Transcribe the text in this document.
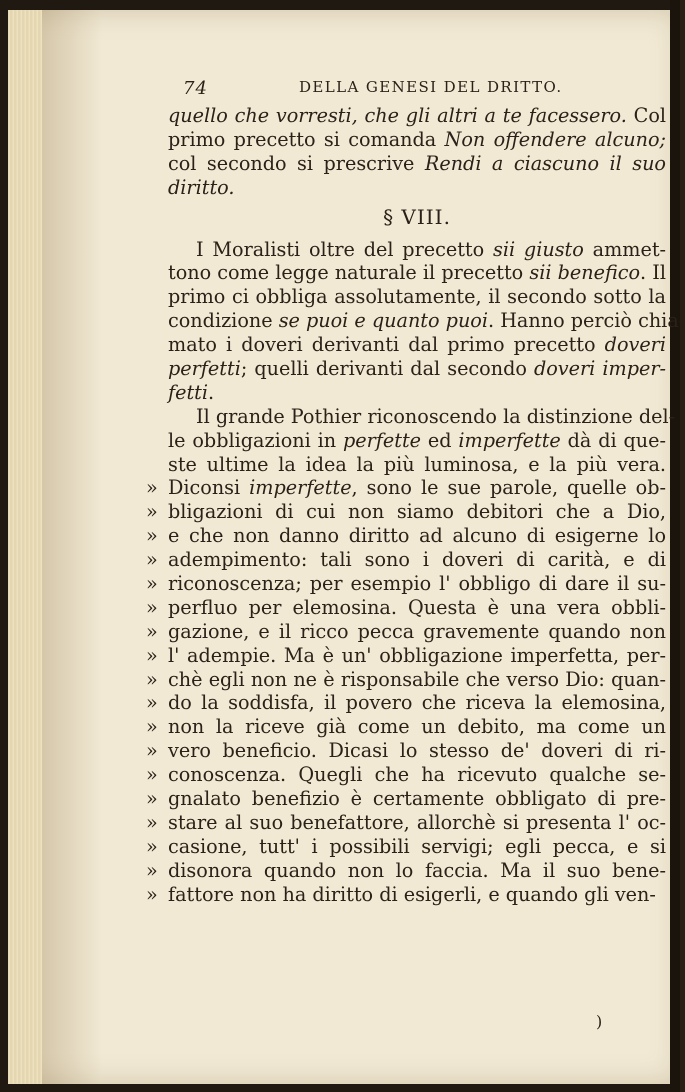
74	DELLA GENESI DEL DRITTO.
quello che vorresti, che gli altri a te facessero. Col
primo precetto si comanda Non offendere alcuno;
col secondo si prescrive Rendi a ciascuno il suo
diritto.
§ VIII.
I Moralisti oltre del precetto sii giusto ammet-
tono come legge naturale il precetto sii benefico. Il
primo ci obbliga assolutamente, il secondo sotto la
condizione se puoi e quanto puoi. Hanno perciò chia-
mato i doveri derivanti dal primo precetto doveri
perfetti; quelli derivanti dal secondo doveri imper-
fetti.
Il grande Pothier riconoscendo la distinzione del-
le obbligazioni in perfette ed imperfette dà di que-
ste ultime la idea la più luminosa, e la più vera.
» Diconsi imperfette, sono le sue parole, quelle ob-
» bligazioni di cui non siamo debitori che a Dio,
» e che non danno diritto ad alcuno di esigerne lo
» adempimento: tali sono i doveri di carità, e di
» riconoscenza; per esempio l' obbligo di dare il su-
» perfluo per elemosina. Questa è una vera obbli-
» gazione, e il ricco pecca gravemente quando non
» l' adempie. Ma è un' obbligazione imperfetta, per-
» chè egli non ne è risponsabile che verso Dio: quan-
» do la soddisfa, il povero che riceva la elemosina,
» non la riceve già come un debito, ma come un
» vero beneficio. Dicasi lo stesso de' doveri di ri-
» conoscenza. Quegli che ha ricevuto qualche se-
» gnalato benefizio è certamente obbligato di pre-
» stare al suo benefattore, allorchè si presenta l' oc-
» casione, tutt' i possibili servigi; egli pecca, e si
» disonora quando non lo faccia. Ma il suo bene-
» fattore non ha diritto di esigerli, e quando gli ven-
)
